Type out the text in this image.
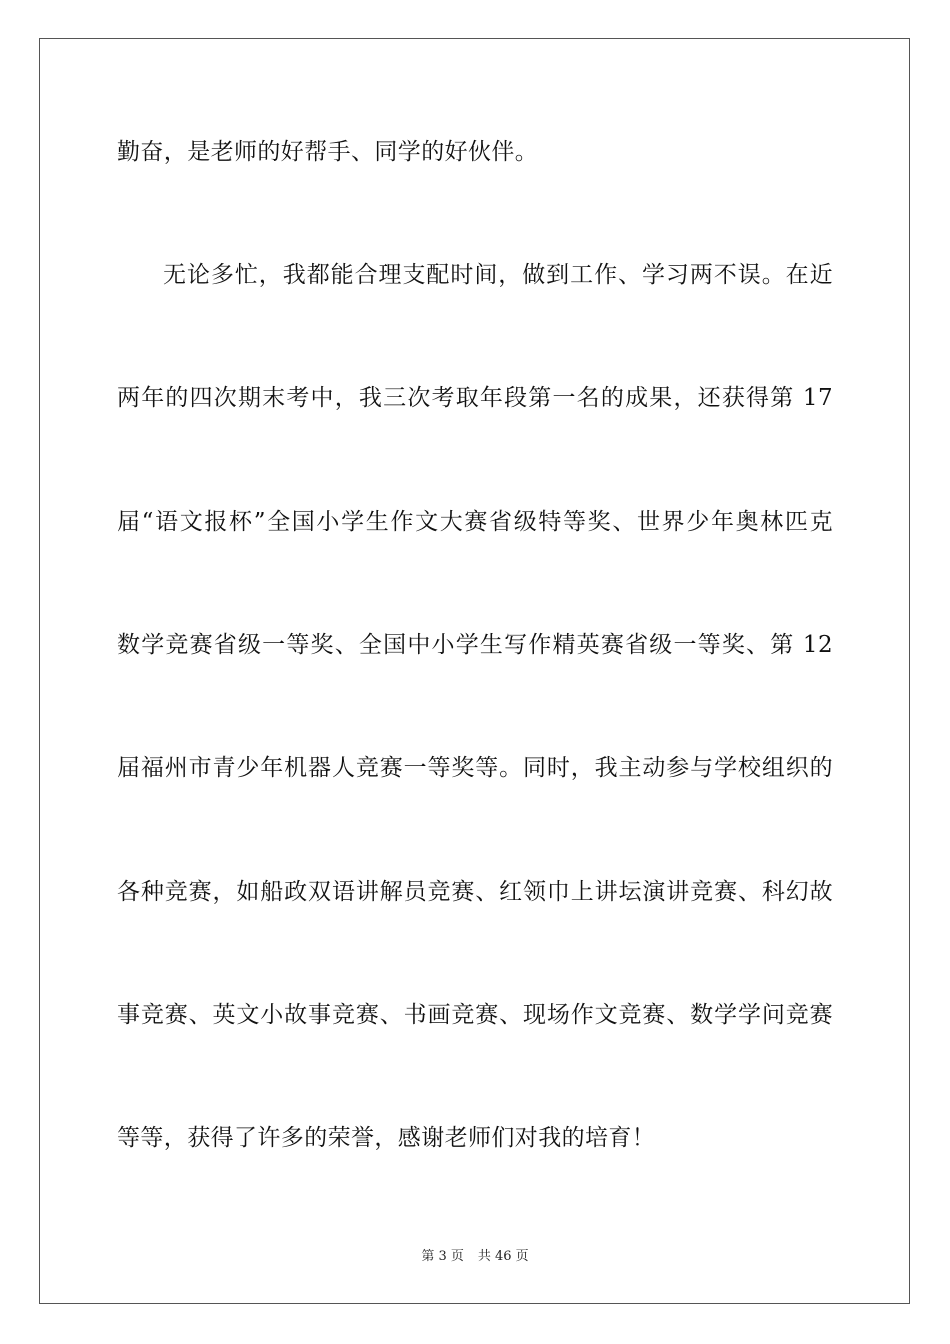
勤奋，是老师的好帮手、同学的好伙伴。
无论多忙，我都能合理支配时间，做到工作、学习两不误。在近
两年的四次期末考中，我三次考取年段第一名的成果，还获得第 17
届“语文报杯”全国小学生作文大赛省级特等奖、世界少年奥林匹克
数学竞赛省级一等奖、全国中小学生写作精英赛省级一等奖、第 12
届福州市青少年机器人竞赛一等奖等。同时，我主动参与学校组织的
各种竞赛，如船政双语讲解员竞赛、红领巾上讲坛演讲竞赛、科幻故
事竞赛、英文小故事竞赛、书画竞赛、现场作文竞赛、数学学问竞赛
等等，获得了许多的荣誉，感谢老师们对我的培育！
第 3 页 共 46 页
